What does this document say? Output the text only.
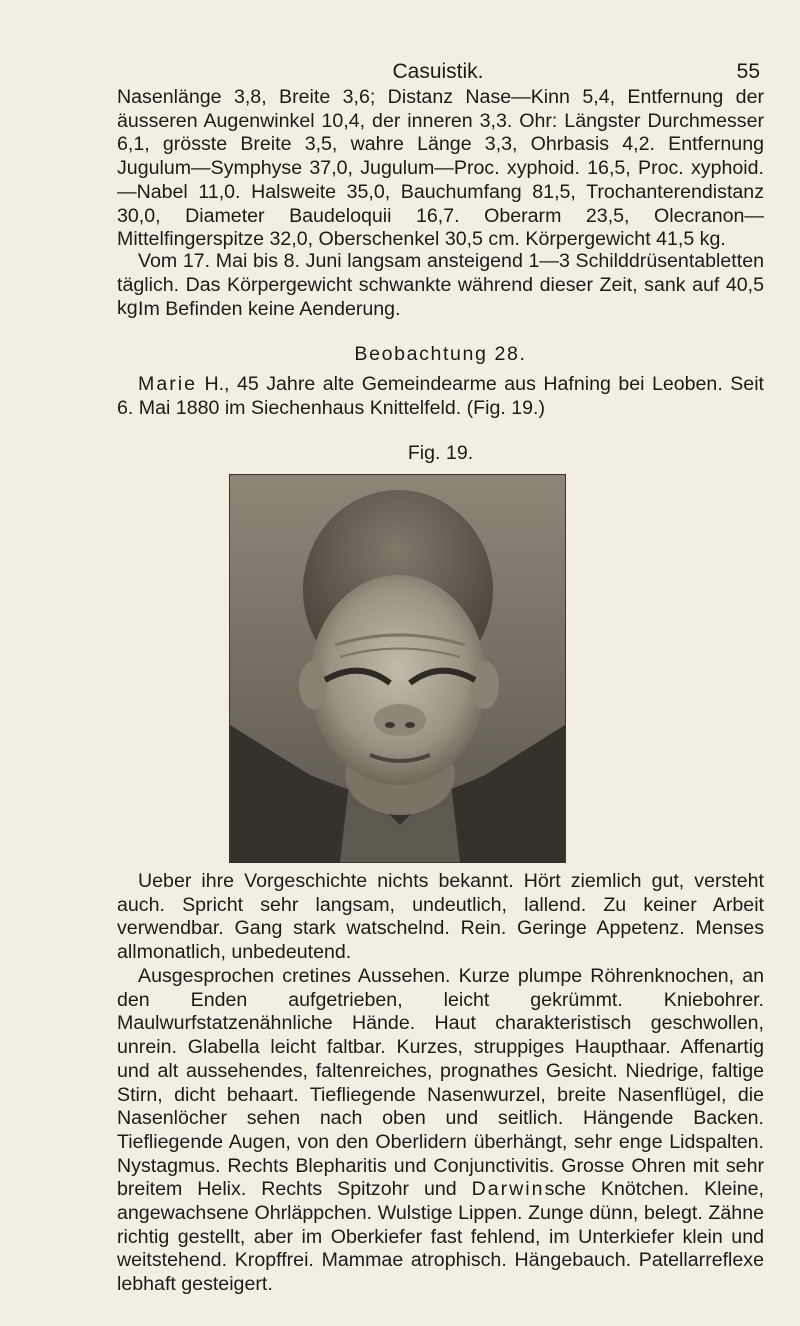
Casuistik.	55

Nasenlänge 3,8, Breite 3,6; Distanz Nase—Kinn 5,4, Entfernung der äusseren Augenwinkel 10,4, der inneren 3,3. Ohr: Längster Durchmesser 6,1, grösste Breite 3,5, wahre Länge 3,3, Ohrbasis 4,2. Entfernung Jugulum—Symphyse 37,0, Jugulum—Proc. xyphoid. 16,5, Proc. xyphoid.—Nabel 11,0. Halsweite 35,0, Bauchumfang 81,5, Trochanterendistanz 30,0, Diameter Baudeloquii 16,7. Oberarm 23,5, Olecranon—Mittelfingerspitze 32,0, Oberschenkel 30,5 cm. Körpergewicht 41,5 kg.

Vom 17. Mai bis 8. Juni langsam ansteigend 1—3 Schilddrüsentabletten täglich. Das Körpergewicht schwankte während dieser Zeit, sank auf 40,5 kg.

Im Befinden keine Aenderung.

Beobachtung 28.

Marie H., 45 Jahre alte Gemeindearme aus Hafning bei Leoben. Seit 6. Mai 1880 im Siechenhaus Knittelfeld. (Fig. 19.)

Fig. 19.

Ueber ihre Vorgeschichte nichts bekannt. Hört ziemlich gut, versteht auch. Spricht sehr langsam, undeutlich, lallend. Zu keiner Arbeit verwendbar. Gang stark watschelnd. Rein. Geringe Appetenz. Menses allmonatlich, unbedeutend.

Ausgesprochen cretines Aussehen. Kurze plumpe Röhrenknochen, an den Enden aufgetrieben, leicht gekrümmt. Kniebohrer. Maulwurfstatzenähnliche Hände. Haut charakteristisch geschwollen, unrein. Glabella leicht faltbar. Kurzes, struppiges Haupthaar. Affenartig und alt aussehendes, faltenreiches, prognathes Gesicht. Niedrige, faltige Stirn, dicht behaart. Tiefliegende Nasenwurzel, breite Nasenflügel, die Nasenlöcher sehen nach oben und seitlich. Hängende Backen. Tiefliegende Augen, von den Oberlidern überhängt, sehr enge Lidspalten. Nystagmus. Rechts Blepharitis und Conjunctivitis. Grosse Ohren mit sehr breitem Helix. Rechts Spitzohr und Darwinsche Knötchen. Kleine, angewachsene Ohrläppchen. Wulstige Lippen. Zunge dünn, belegt. Zähne richtig gestellt, aber im Oberkiefer fast fehlend, im Unterkiefer klein und weitstehend. Kropffrei. Mammae atrophisch. Hängebauch. Patellarreflexe lebhaft gesteigert.
